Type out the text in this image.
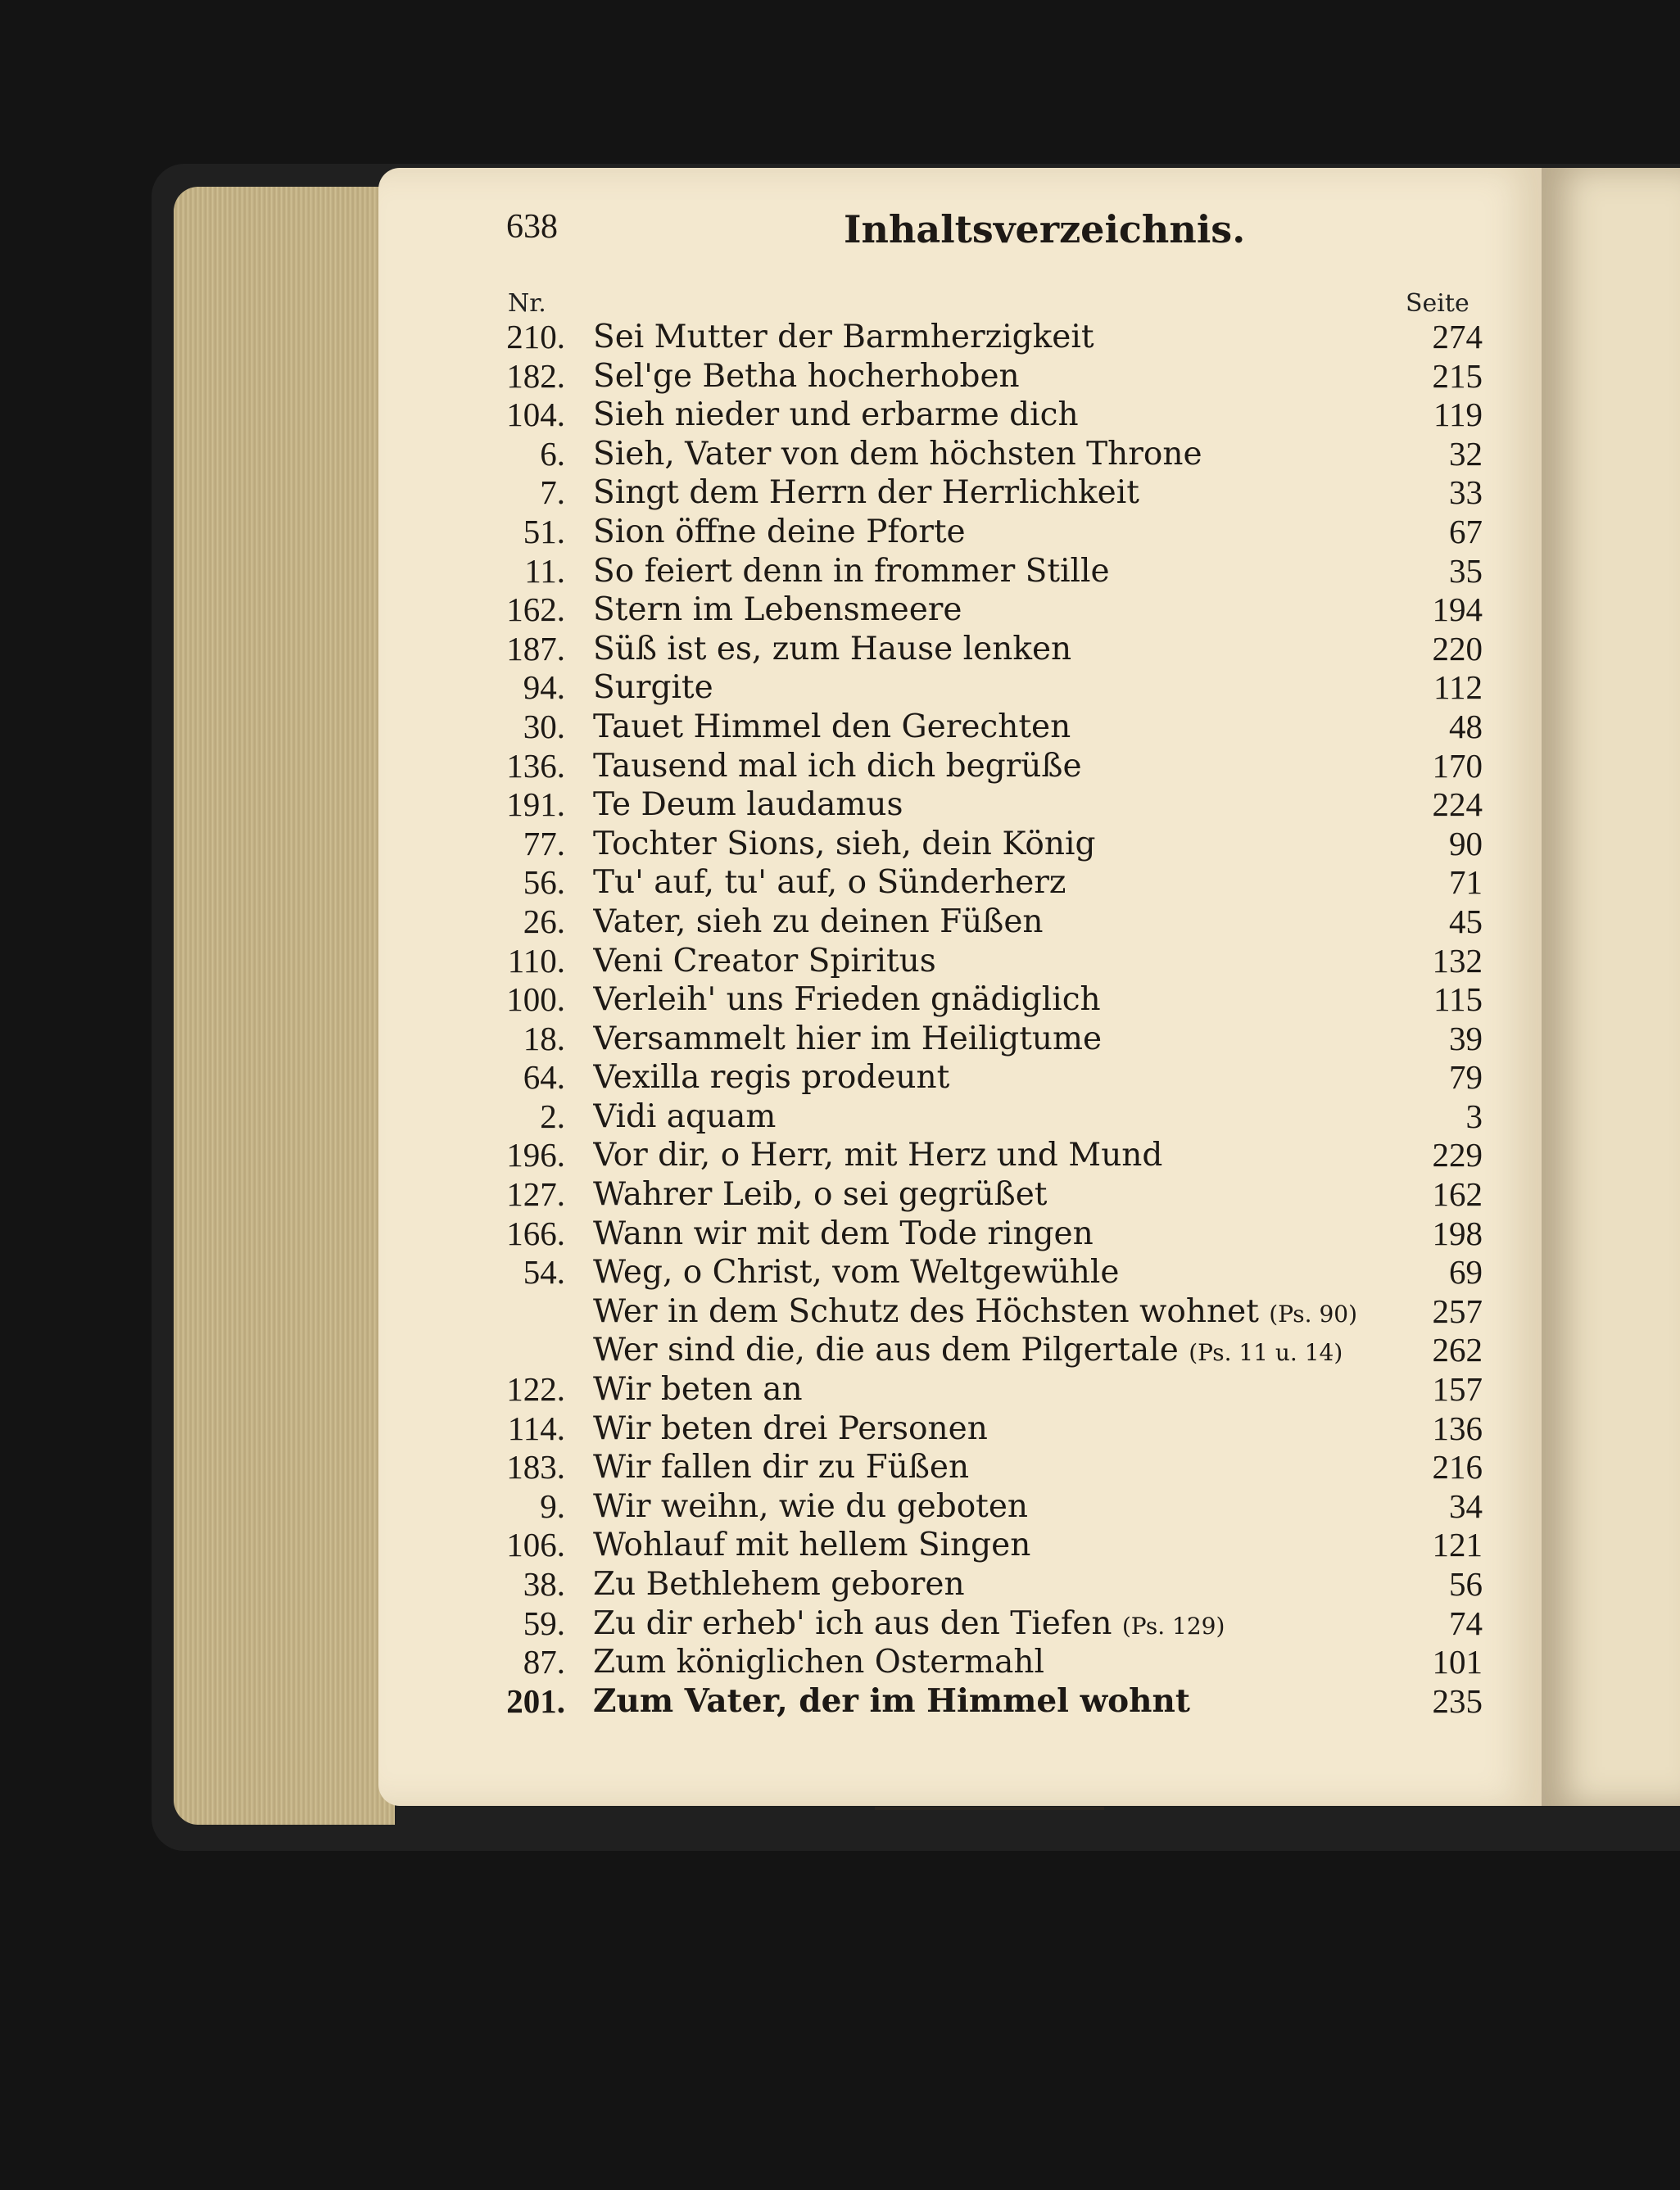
638	Inhaltsverzeichnis.
Nr.	Seite
210. Sei Mutter der Barmherzigkeit . . .	274
182. Sel'ge Betha hocherhoben . . .	215
104. Sieh nieder und erbarme dich . . .	119
6. Sieh, Vater von dem höchsten Throne . . .	32
7. Singt dem Herrn der Herrlichkeit . . .	33
51. Sion öffne deine Pforte . . .	67
11. So feiert denn in frommer Stille . . .	35
162. Stern im Lebensmeere . . .	194
187. Süß ist es, zum Hause lenken . . .	220
94. Surgite . . .	112
30. Tauet Himmel den Gerechten . . .	48
136. Tausend mal ich dich begrüße . . .	170
191. Te Deum laudamus . . .	224
77. Tochter Sions, sieh, dein König . . .	90
56. Tu' auf, tu' auf, o Sünderherz . . .	71
26. Vater, sieh zu deinen Füßen . . .	45
110. Veni Creator Spiritus . . .	132
100. Verleih' uns Frieden gnädiglich . . .	115
18. Versammelt hier im Heiligtume . . .	39
64. Vexilla regis prodeunt . . .	79
2. Vidi aquam . . .	3
196. Vor dir, o Herr, mit Herz und Mund . . .	229
127. Wahrer Leib, o sei gegrüßet . . .	162
166. Wann wir mit dem Tode ringen . . .	198
54. Weg, o Christ, vom Weltgewühle . . .	69
Wer in dem Schutz des Höchsten wohnet (Ps. 90) . . .	257
Wer sind die, die aus dem Pilgertale (Ps. 11 u. 14) . . .	262
122. Wir beten an . . .	157
114. Wir beten drei Personen . . .	136
183. Wir fallen dir zu Füßen . . .	216
9. Wir weihn, wie du geboten . . .	34
106. Wohlauf mit hellem Singen . . .	121
38. Zu Bethlehem geboren . . .	56
59. Zu dir erheb' ich aus den Tiefen (Ps. 129) . . .	74
87. Zum königlichen Ostermahl . . .	101
201. Zum Vater, der im Himmel wohnt . . .	235
